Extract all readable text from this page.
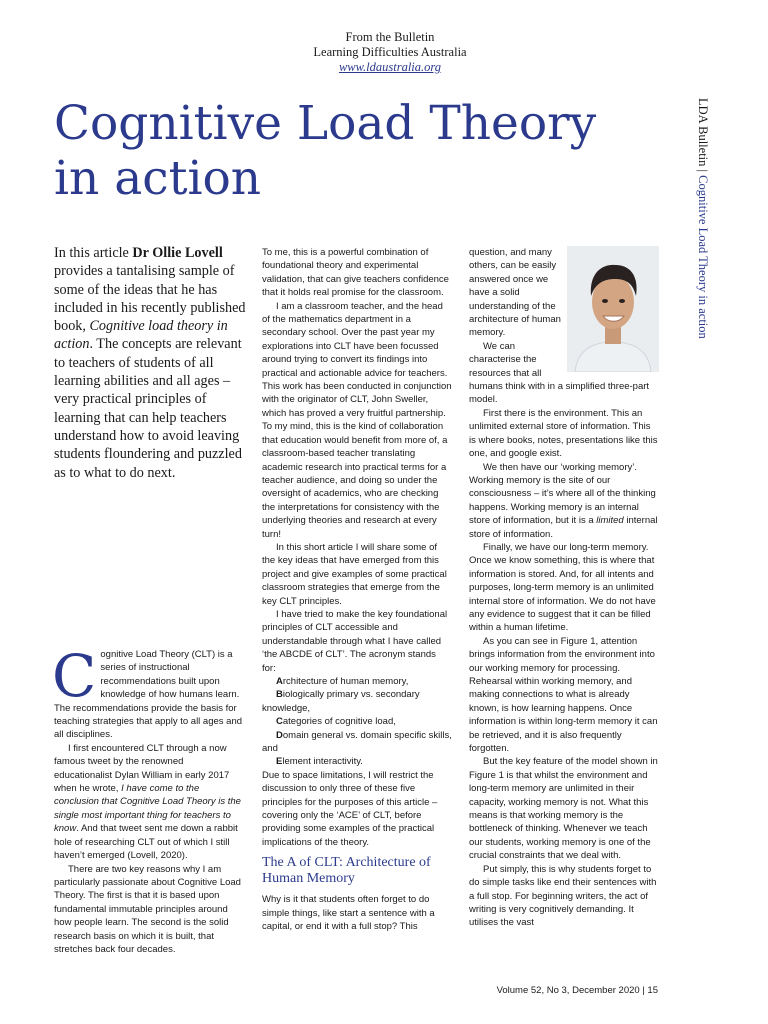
From the Bulletin
Learning Difficulties Australia
www.ldaustralia.org
Cognitive Load Theory
in action
LDA Bulletin | Cognitive Load Theory in action
In this article Dr Ollie Lovell provides a tantalising sample of some of the ideas that he has included in his recently published book, Cognitive load theory in action. The concepts are relevant to teachers of students of all learning abilities and all ages – very practical principles of learning that can help teachers understand how to avoid leaving students floundering and puzzled as to what to do next.

Cognitive Load Theory (CLT) is a series of instructional recommendations built upon knowledge of how humans learn. The recommendations provide the basis for teaching strategies that apply to all ages and all disciplines.

I first encountered CLT through a now famous tweet by the renowned educationalist Dylan William in early 2017 when he wrote, I have come to the conclusion that Cognitive Load Theory is the single most important thing for teachers to know. And that tweet sent me down a rabbit hole of researching CLT out of which I still haven’t emerged (Lovell, 2020).

There are two key reasons why I am particularly passionate about Cognitive Load Theory. The first is that it is based upon fundamental immutable principles around how people learn. The second is the solid research basis on which it is built, that stretches back four decades.

To me, this is a powerful combination of foundational theory and experimental validation, that can give teachers confidence that it holds real promise for the classroom.

I am a classroom teacher, and the head of the mathematics department in a secondary school. Over the past year my explorations into CLT have been focussed around trying to convert its findings into practical and actionable advice for teachers. This work has been conducted in conjunction with the originator of CLT, John Sweller, which has proved a very fruitful partnership. To my mind, this is the kind of collaboration that education would benefit from more of, a classroom-based teacher translating academic research into practical terms for a teacher audience, and doing so under the oversight of academics, who are checking the interpretations for consistency with the underlying theories and research at every turn!

In this short article I will share some of the key ideas that have emerged from this project and give examples of some practical classroom strategies that emerge from the key CLT principles.

I have tried to make the key foundational principles of CLT accessible and understandable through what I have called ‘the ABCDE of CLT’. The acronym stands for:

Architecture of human memory,

Biologically primary vs. secondary knowledge,

Categories of cognitive load,

Domain general vs. domain specific skills, and

Element interactivity.

Due to space limitations, I will restrict the discussion to only three of these five principles for the purposes of this article – covering only the ‘ACE’ of CLT, before providing some examples of the practical implications of the theory.

The A of CLT: Architecture of Human Memory

Why is it that students often forget to do simple things, like start a sentence with a capital, or end it with a full stop? This

question, and many others, can be easily answered once we have a solid understanding of the architecture of human memory.

We can characterise the resources that all humans think with in a simplified three-part model.

First there is the environment. This an unlimited external store of information. This is where books, notes, presentations like this one, and google exist.

We then have our ‘working memory’. Working memory is the site of our consciousness – it’s where all of the thinking happens. Working memory is an internal store of information, but it is a limited internal store of information.

Finally, we have our long-term memory. Once we know something, this is where that information is stored. And, for all intents and purposes, long-term memory is an unlimited internal store of information. We do not have any evidence to suggest that it can be filled within a human lifetime.

As you can see in Figure 1, attention brings information from the environment into our working memory for processing. Rehearsal within working memory, and making connections to what is already known, is how learning happens. Once information is within long-term memory it can be retrieved, and it is also frequently forgotten.

But the key feature of the model shown in Figure 1 is that whilst the environment and long-term memory are unlimited in their capacity, working memory is not. What this means is that working memory is the bottleneck of thinking. Whenever we teach our students, working memory is one of the crucial constraints that we deal with.

Put simply, this is why students forget to do simple tasks like end their sentences with a full stop. For beginning writers, the act of writing is very cognitively demanding. It utilises the vast

Volume 52, No 3, December 2020 | 15
